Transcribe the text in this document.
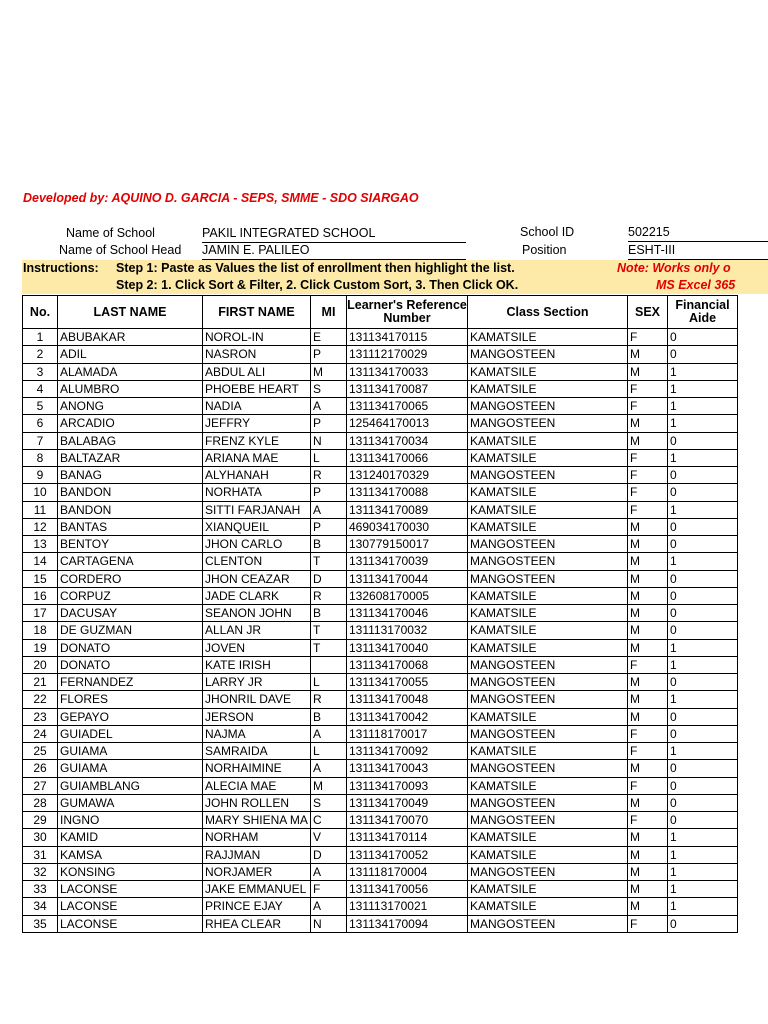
Developed by: AQUINO D. GARCIA - SEPS, SMME - SDO SIARGAO
Name of School	PAKIL INTEGRATED SCHOOL
Name of School Head JAMIN E. PALILEO
School ID	502215
Position	ESHT-III
Instructions: Step 1: Paste as Values the list of enrollment then highlight the list.
Step 2: 1. Click Sort & Filter, 2. Click Custom Sort, 3. Then Click OK.
Note: Works only o
MS Excel 365
No.	LAST NAME	FIRST NAME	MI	Learner's Reference Number	Class Section	SEX	Financial Aide
1	ABUBAKAR	NOROL-IN	E	131134170115	KAMATSILE	F	0
2	ADIL	NASRON	P	131112170029	MANGOSTEEN	M	0
3	ALAMADA	ABDUL ALI	M	131134170033	KAMATSILE	M	1
4	ALUMBRO	PHOEBE HEART	S	131134170087	KAMATSILE	F	1
5	ANONG	NADIA	A	131134170065	MANGOSTEEN	F	1
6	ARCADIO	JEFFRY	P	125464170013	MANGOSTEEN	M	1
7	BALABAG	FRENZ KYLE	N	131134170034	KAMATSILE	M	0
8	BALTAZAR	ARIANA MAE	L	131134170066	KAMATSILE	F	1
9	BANAG	ALYHANAH	R	131240170329	MANGOSTEEN	F	0
10	BANDON	NORHATA	P	131134170088	KAMATSILE	F	0
11	BANDON	SITTI FARJANAH	A	131134170089	KAMATSILE	F	1
12	BANTAS	XIANQUEIL	P	469034170030	KAMATSILE	M	0
13	BENTOY	JHON CARLO	B	130779150017	MANGOSTEEN	M	0
14	CARTAGENA	CLENTON	T	131134170039	MANGOSTEEN	M	1
15	CORDERO	JHON CEAZAR	D	131134170044	MANGOSTEEN	M	0
16	CORPUZ	JADE CLARK	R	132608170005	KAMATSILE	M	0
17	DACUSAY	SEANON JOHN	B	131134170046	KAMATSILE	M	0
18	DE GUZMAN	ALLAN JR	T	131113170032	KAMATSILE	M	0
19	DONATO	JOVEN	T	131134170040	KAMATSILE	M	1
20	DONATO	KATE IRISH		131134170068	MANGOSTEEN	F	1
21	FERNANDEZ	LARRY JR	L	131134170055	MANGOSTEEN	M	0
22	FLORES	JHONRIL DAVE	R	131134170048	MANGOSTEEN	M	1
23	GEPAYO	JERSON	B	131134170042	KAMATSILE	M	0
24	GUIADEL	NAJMA	A	131118170017	MANGOSTEEN	F	0
25	GUIAMA	SAMRAIDA	L	131134170092	KAMATSILE	F	1
26	GUIAMA	NORHAIMINE	A	131134170043	MANGOSTEEN	M	0
27	GUIAMBLANG	ALECIA MAE	M	131134170093	KAMATSILE	F	0
28	GUMAWA	JOHN ROLLEN	S	131134170049	MANGOSTEEN	M	0
29	INGNO	MARY SHIENA MA	C	131134170070	MANGOSTEEN	F	0
30	KAMID	NORHAM	V	131134170114	KAMATSILE	M	1
31	KAMSA	RAJJMAN	D	131134170052	KAMATSILE	M	1
32	KONSING	NORJAMER	A	131118170004	MANGOSTEEN	M	1
33	LACONSE	JAKE EMMANUEL	F	131134170056	KAMATSILE	M	1
34	LACONSE	PRINCE EJAY	A	131113170021	KAMATSILE	M	1
35	LACONSE	RHEA CLEAR	N	131134170094	MANGOSTEEN	F	0
